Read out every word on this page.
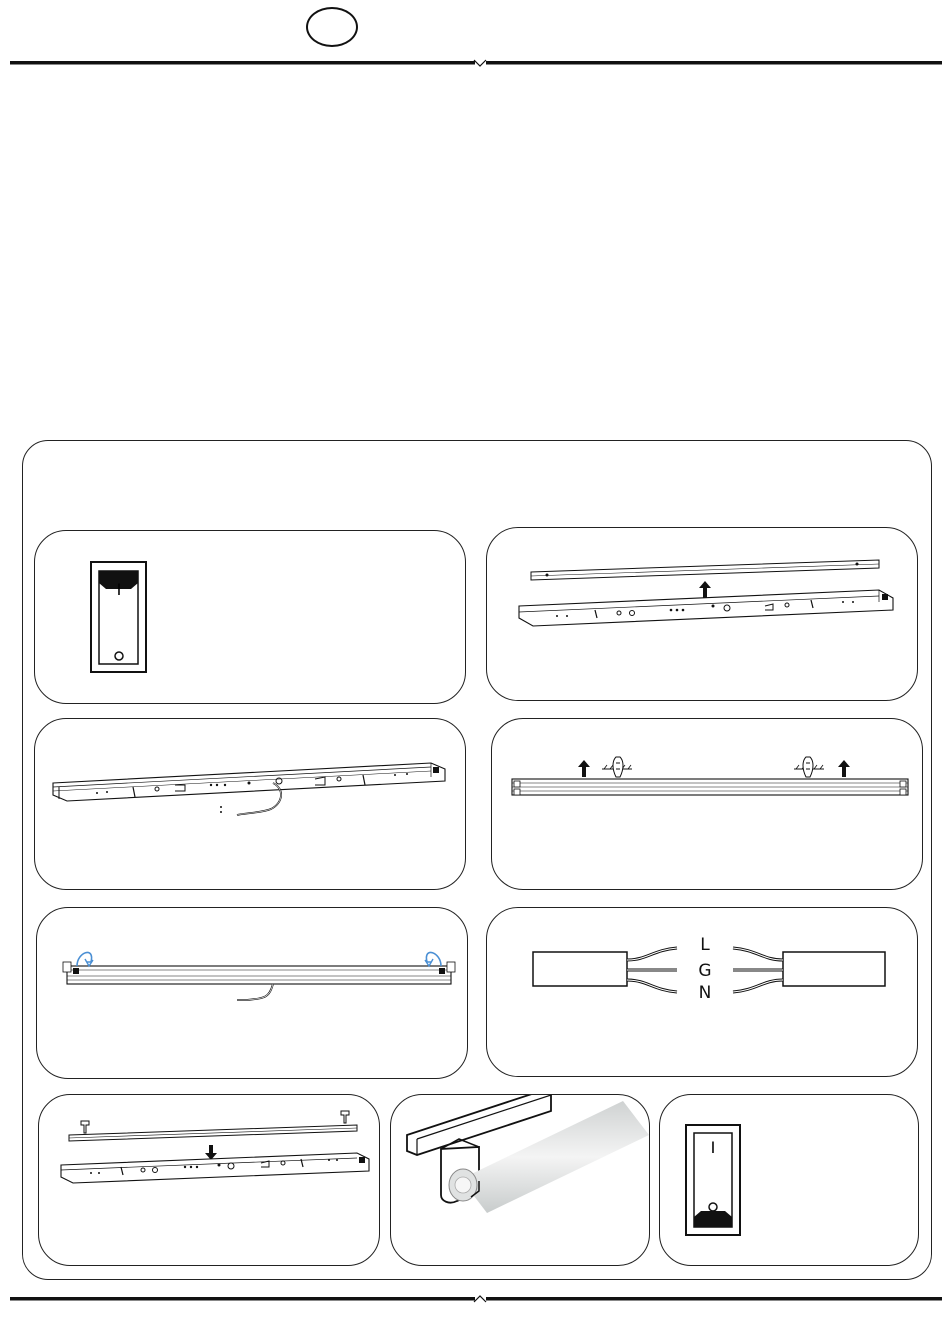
I
L
G
N
I
